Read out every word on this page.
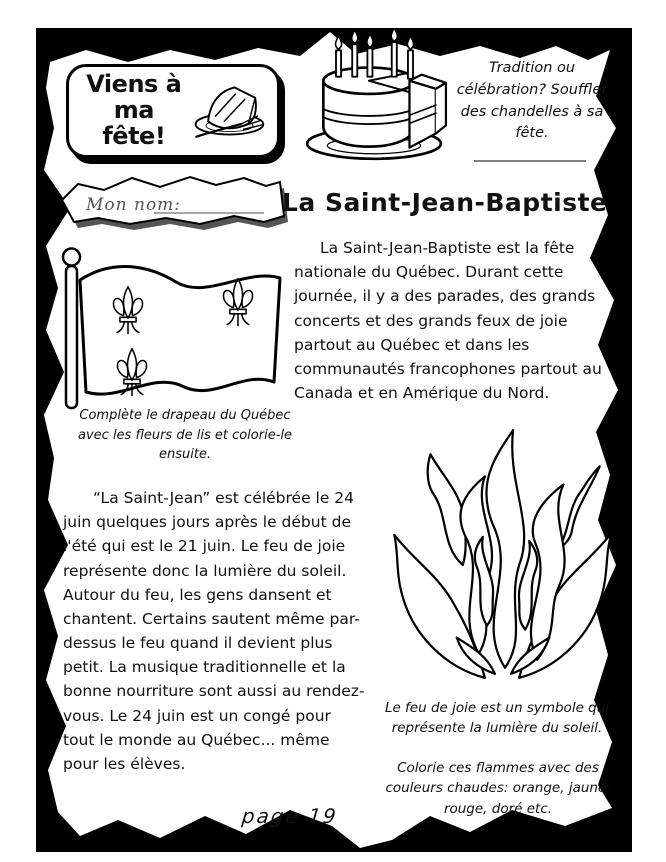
Viens à
ma fête!
Tradition ou célébration? Souffler des chandelles à sa fête.
Mon nom:	La Saint-Jean-Baptiste
La Saint-Jean-Baptiste est la fête nationale du Québec. Durant cette journée, il y a des parades, des grands concerts et des grands feux de joie partout au Québec et dans les communautés francophones partout au Canada et en Amérique du Nord.
Complète le drapeau du Québec avec les fleurs de lis et colorie-le ensuite.
“La Saint-Jean” est célébrée le 24 juin quelques jours après le début de l'été qui est le 21 juin. Le feu de joie représente donc la lumière du soleil. Autour du feu, les gens dansent et chantent. Certains sautent même par-dessus le feu quand il devient plus petit. La musique traditionnelle et la bonne nourriture sont aussi au rendez-vous. Le 24 juin est un congé pour tout le monde au Québec... même pour les élèves.
Le feu de joie est un symbole qui représente la lumière du soleil.
Colorie ces flammes avec des couleurs chaudes: orange, jaune, rouge, doré etc.
page 19
